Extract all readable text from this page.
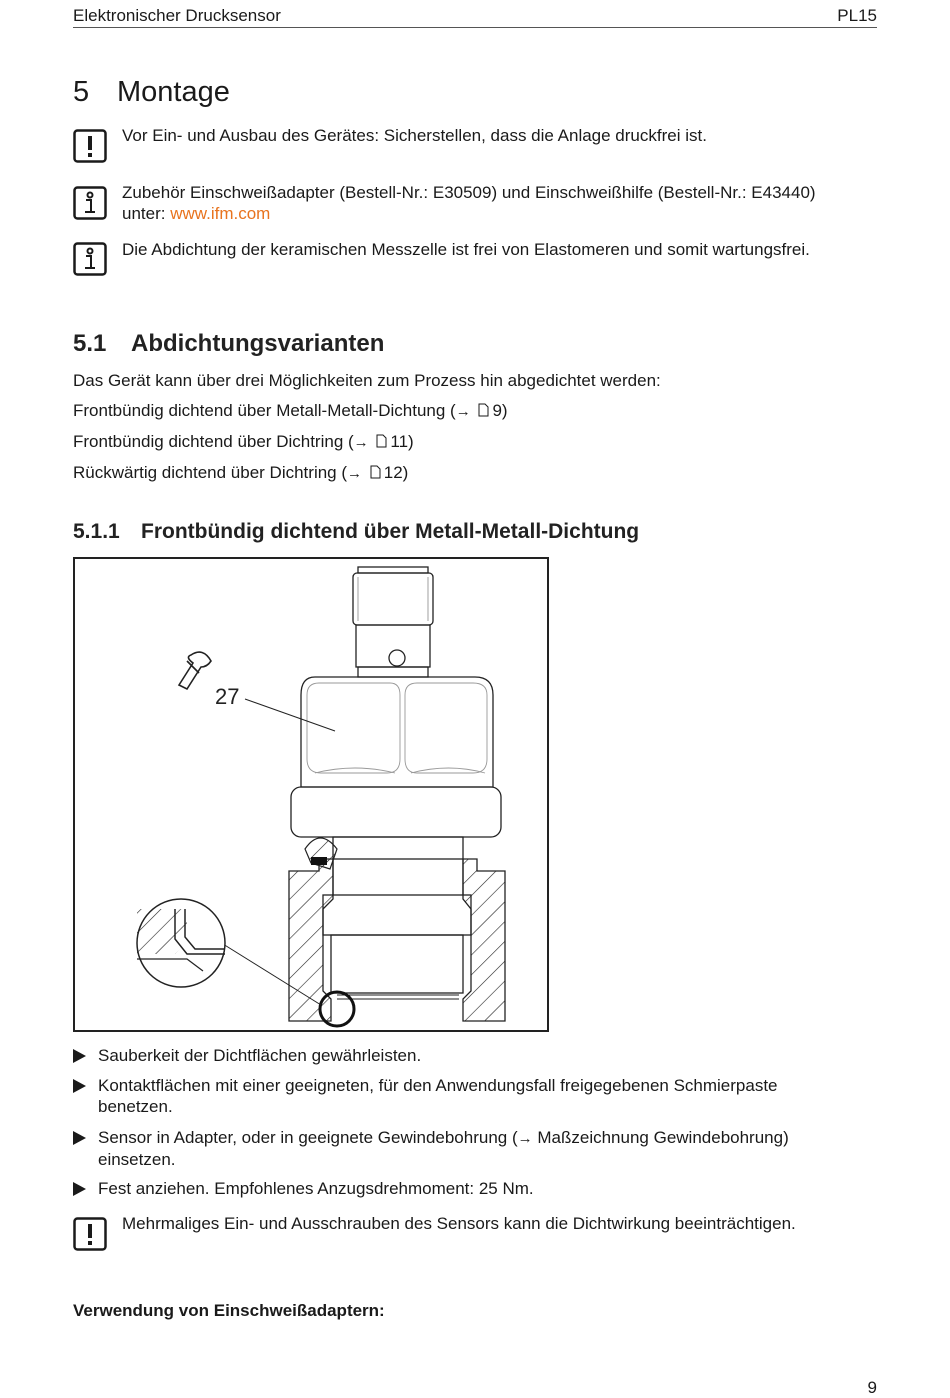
Elektronischer Drucksensor	PL15
5 Montage
Vor Ein- und Ausbau des Gerätes: Sicherstellen, dass die Anlage druckfrei ist.
Zubehör Einschweißadapter (Bestell-Nr.: E30509) und Einschweißhilfe (Bestell-Nr.: E43440)
unter: www.ifm.com
Die Abdichtung der keramischen Messzelle ist frei von Elastomeren und somit wartungsfrei.
5.1 Abdichtungsvarianten
Das Gerät kann über drei Möglichkeiten zum Prozess hin abgedichtet werden:
Frontbündig dichtend über Metall-Metall-Dichtung (→ 9)
Frontbündig dichtend über Dichtring (→ 11)
Rückwärtig dichtend über Dichtring (→ 12)
5.1.1 Frontbündig dichtend über Metall-Metall-Dichtung
27
Sauberkeit der Dichtflächen gewährleisten.
Kontaktflächen mit einer geeigneten, für den Anwendungsfall freigegebenen Schmierpaste
benetzen.
Sensor in Adapter, oder in geeignete Gewindebohrung (→ Maßzeichnung Gewindebohrung)
einsetzen.
Fest anziehen. Empfohlenes Anzugsdrehmoment: 25 Nm.
Mehrmaliges Ein- und Ausschrauben des Sensors kann die Dichtwirkung beeinträchtigen.
Verwendung von Einschweißadaptern:
9
